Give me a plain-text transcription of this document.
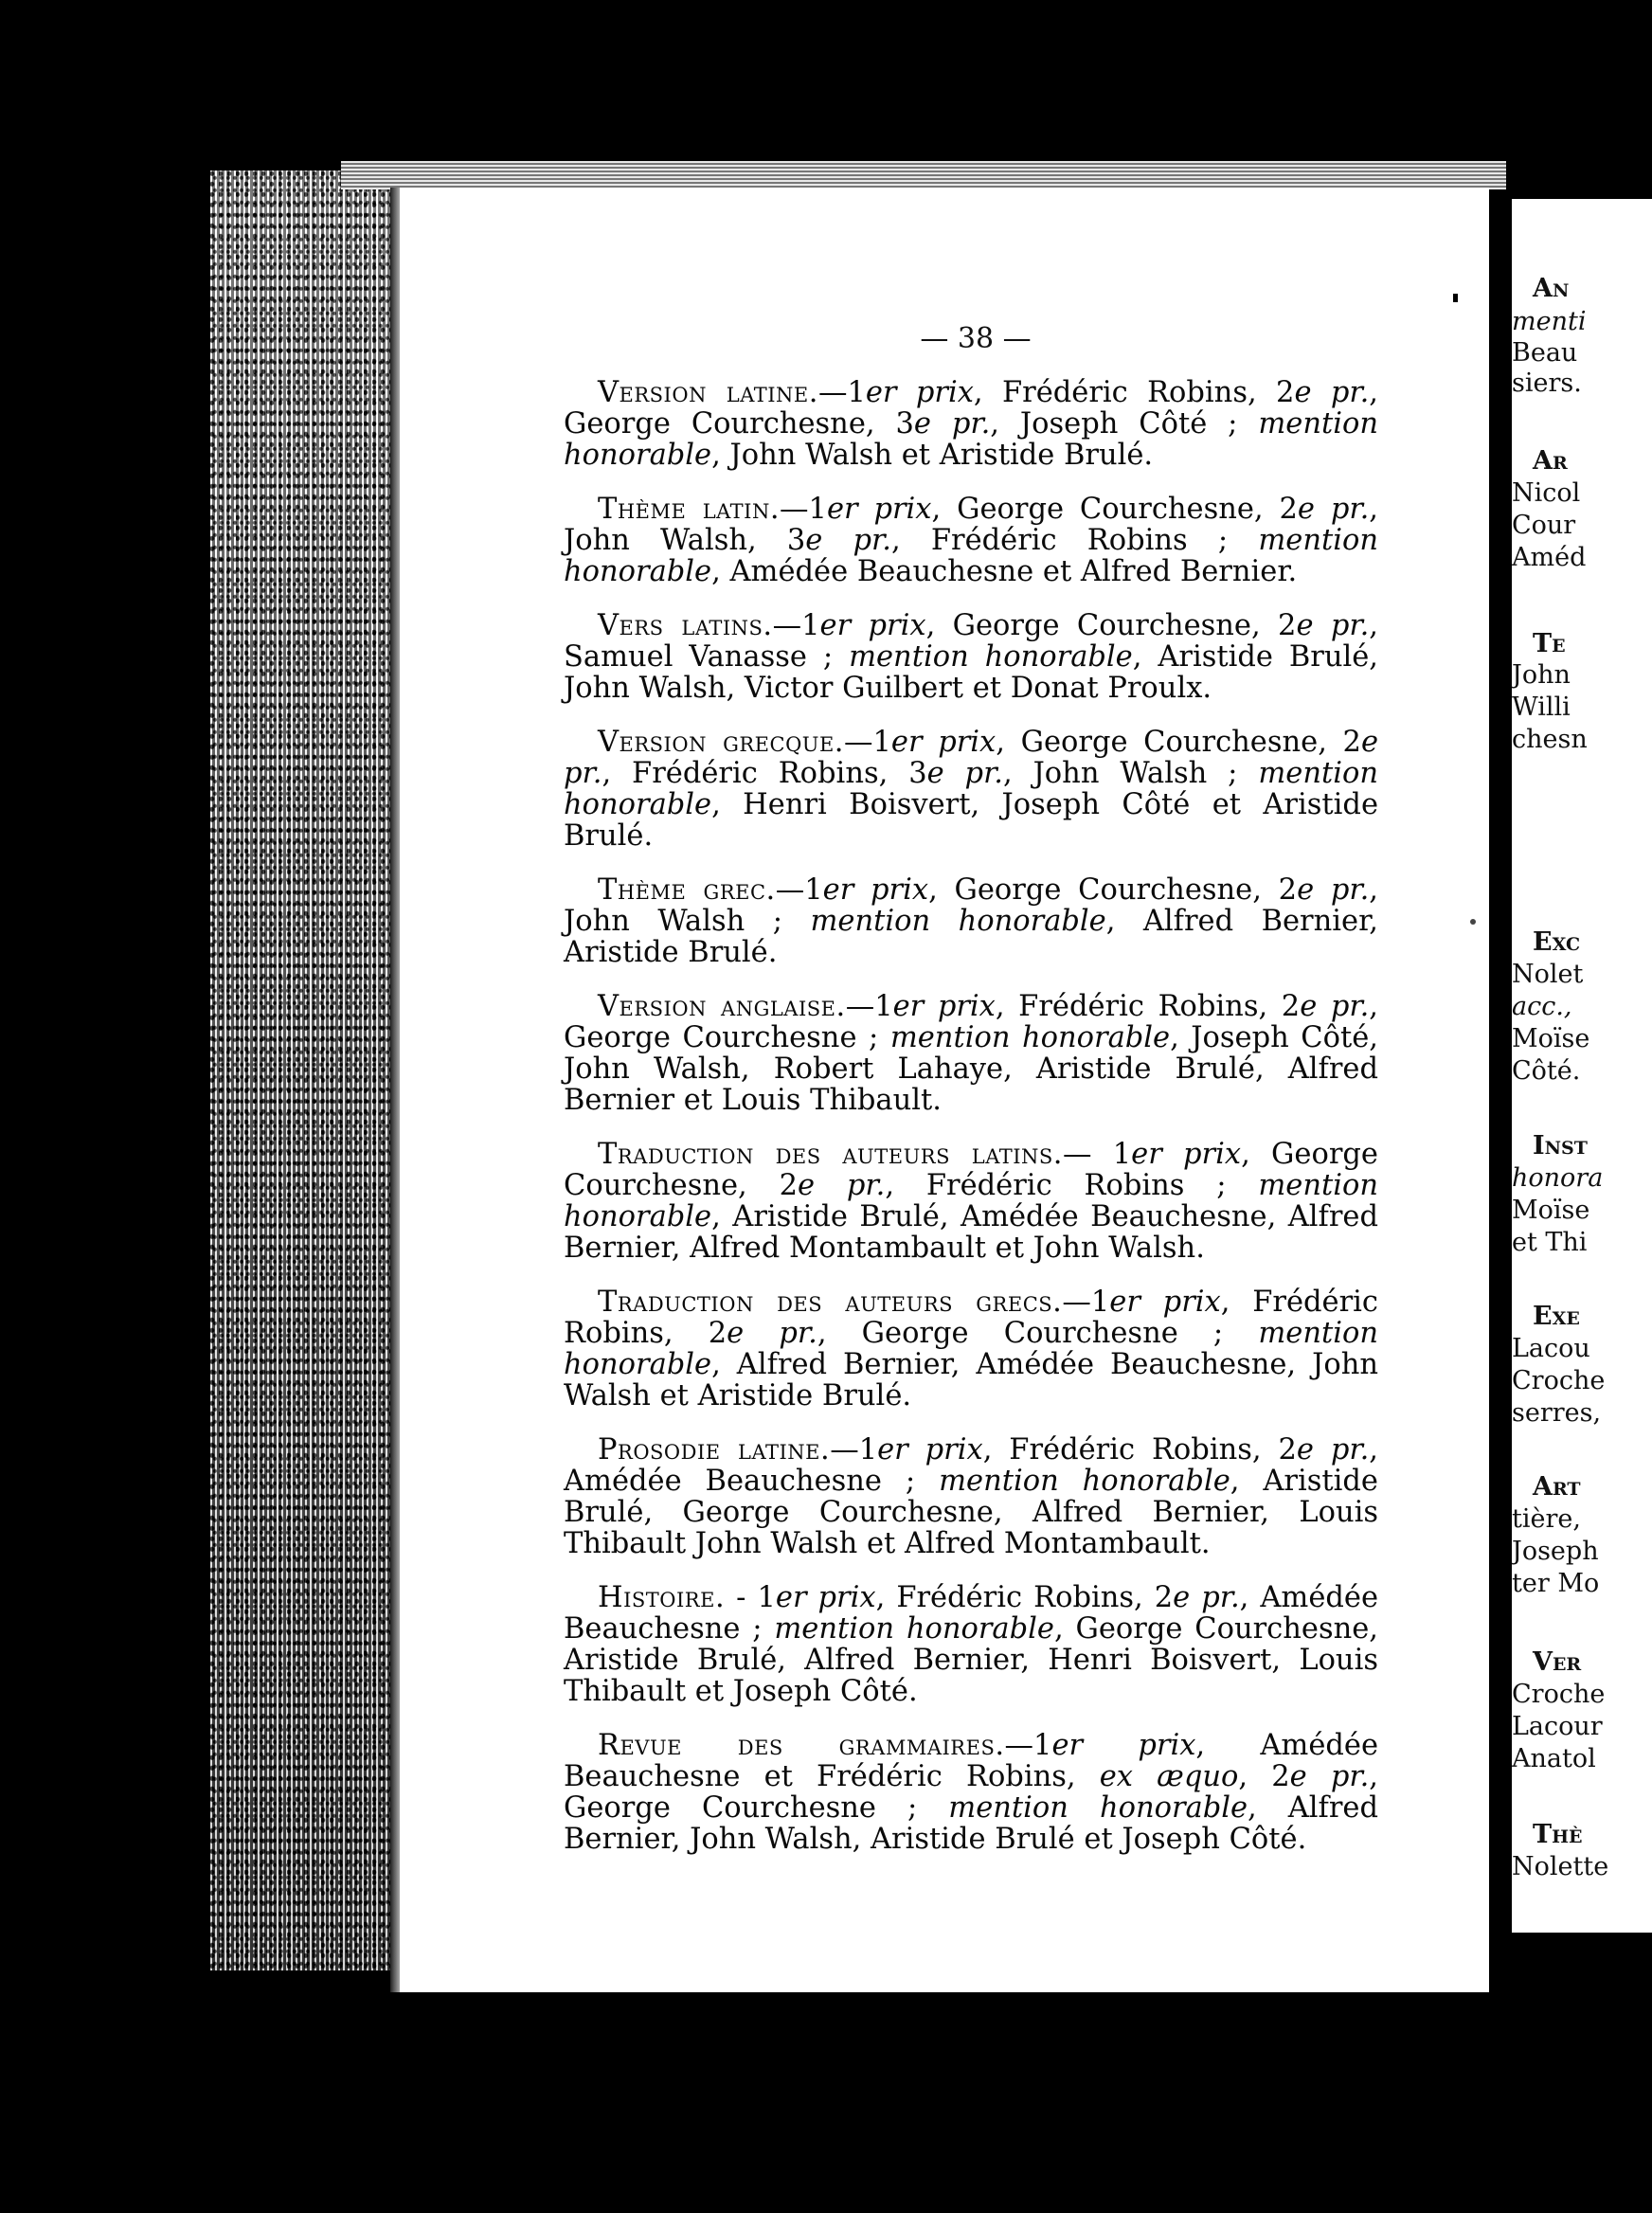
— 38 —

Version latine.—1er prix, Frédéric Robins, 2e pr., George Courchesne, 3e pr., Joseph Côté ; mention honorable, John Walsh et Aristide Brulé.

Thème latin.—1er prix, George Courchesne, 2e pr., John Walsh, 3e pr., Frédéric Robins ; mention honorable, Amédée Beauchesne et Alfred Bernier.

Vers latins.—1er prix, George Courchesne, 2e pr., Samuel Vanasse ; mention honorable, Aristide Brulé, John Walsh, Victor Guilbert et Donat Proulx.

Version grecque.—1er prix, George Courchesne, 2e pr., Frédéric Robins, 3e pr., John Walsh ; mention honorable, Henri Boisvert, Joseph Côté et Aristide Brulé.

Thème grec.—1er prix, George Courchesne, 2e pr., John Walsh ; mention honorable, Alfred Bernier, Aristide Brulé.

Version anglaise.—1er prix, Frédéric Robins, 2e pr., George Courchesne ; mention honorable, Joseph Côté, John Walsh, Robert Lahaye, Aristide Brulé, Alfred Bernier et Louis Thibault.

Traduction des auteurs latins.— 1er prix, George Courchesne, 2e pr., Frédéric Robins ; mention honorable, Aristide Brulé, Amédée Beauchesne, Alfred Bernier, Alfred Montambault et John Walsh.

Traduction des auteurs grecs.—1er prix, Frédéric Robins, 2e pr., George Courchesne ; mention honorable, Alfred Bernier, Amédée Beauchesne, John Walsh et Aristide Brulé.

Prosodie latine.—1er prix, Frédéric Robins, 2e pr., Amédée Beauchesne ; mention honorable, Aristide Brulé, George Courchesne, Alfred Bernier, Louis Thibault John Walsh et Alfred Montambault.

Histoire. - 1er prix, Frédéric Robins, 2e pr., Amédée Beauchesne ; mention honorable, George Courchesne, Aristide Brulé, Alfred Bernier, Henri Boisvert, Louis Thibault et Joseph Côté.

Revue des grammaires.—1er prix, Amédée Beauchesne et Frédéric Robins, ex æquo, 2e pr., George Courchesne ; mention honorable, Alfred Bernier, John Walsh, Aristide Brulé et Joseph Côté.

An
menti
Beau
siers.
Ar
Nicol
Cour
Améd
Te
John
Willi
chesn
Exc
Nolet
acc.,
Moïse
Côté.
Inst
honora
Moïse
et Thi
Exe
Lacou
Croche
serres,
Art
tière,
Joseph
ter Mo
Ver
Croche
Lacour
Anatol
Thè
Nolette
